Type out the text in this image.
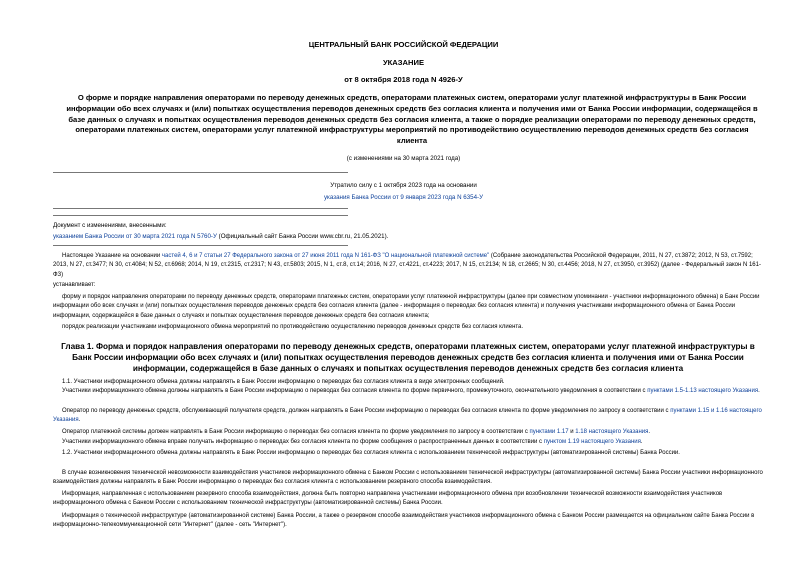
ЦЕНТРАЛЬНЫЙ БАНК РОССИЙСКОЙ ФЕДЕРАЦИИ

УКАЗАНИЕ

от 8 октября 2018 года N 4926-У

О форме и порядке направления операторами по переводу денежных средств, операторами платежных систем, операторами услуг платежной инфраструктуры в Банк России информации обо всех случаях и (или) попытках осуществления переводов денежных средств без согласия клиента и получения ими от Банка России информации, содержащейся в базе данных о случаях и попытках осуществления переводов денежных средств без согласия клиента, а также о порядке реализации операторами по переводу денежных средств, операторами платежных систем, операторами услуг платежной инфраструктуры мероприятий по противодействию осуществлению переводов денежных средств без согласия клиента

(с изменениями на 30 марта 2021 года)

Утратило силу с 1 октября 2023 года на основании

указания Банка России от 9 января 2023 года N 6354-У

Документ с изменениями, внесенными:

указанием Банка России от 30 марта 2021 года N 5760-У (Официальный сайт Банка России www.cbr.ru, 21.05.2021).

Настоящее Указание на основании частей 4, 6 и 7 статьи 27 Федерального закона от 27 июня 2011 года N 161-ФЗ "О национальной платежной системе" (Собрание законодательства Российской Федерации, 2011, N 27, ст.3872; 2012, N 53, ст.7592; 2013, N 27, ст.3477; N 30, ст.4084; N 52, ст.6968; 2014, N 19, ст.2315, ст.2317; N 43, ст.5803; 2015, N 1, ст.8, ст.14; 2016, N 27, ст.4221, ст.4223; 2017, N 15, ст.2134; N 18, ст.2665; N 30, ст.4456; 2018, N 27, ст.3950, ст.3952) (далее - Федеральный закон N 161-ФЗ)

устанавливает:

форму и порядок направления операторами по переводу денежных средств, операторами платежных систем, операторами услуг платежной инфраструктуры (далее при совместном упоминании - участники информационного обмена) в Банк России информации обо всех случаях и (или) попытках осуществления переводов денежных средств без согласия клиента (далее - информация о переводах без согласия клиента) и получения участниками информационного обмена от Банка России информации, содержащейся в базе данных о случаях и попытках осуществления переводов денежных средств без согласия клиента;

порядок реализации участниками информационного обмена мероприятий по противодействию осуществлению переводов денежных средств без согласия клиента.

Глава 1. Форма и порядок направления операторами по переводу денежных средств, операторами платежных систем, операторами услуг платежной инфраструктуры в Банк России информации обо всех случаях и (или) попытках осуществления переводов денежных средств без согласия клиента и получения ими от Банка России информации, содержащейся в базе данных о случаях и попытках осуществления переводов денежных средств без согласия клиента

1.1. Участники информационного обмена должны направлять в Банк России информацию о переводах без согласия клиента в виде электронных сообщений.

Участники информационного обмена должны направлять в Банк России информацию о переводах без согласия клиента по форме первичного, промежуточного, окончательного уведомления в соответствии с пунктами 1.5-1.13 настоящего Указания.

Оператор по переводу денежных средств, обслуживающий получателя средств, должен направлять в Банк России информацию о переводах без согласия клиента по форме уведомления по запросу в соответствии с пунктами 1.15 и 1.16 настоящего Указания.

Оператор платежной системы должен направлять в Банк России информацию о переводах без согласия клиента по форме уведомления по запросу в соответствии с пунктами 1.17 и 1.18 настоящего Указания.

Участники информационного обмена вправе получать информацию о переводах без согласия клиента по форме сообщения о распространенных данных в соответствии с пунктом 1.19 настоящего Указания.

1.2. Участники информационного обмена должны направлять в Банк России информацию о переводах без согласия клиента с использованием технической инфраструктуры (автоматизированной системы) Банка России.

В случае возникновения технической невозможности взаимодействия участников информационного обмена с Банком России с использованием технической инфраструктуры (автоматизированной системы) Банка России участники информационного взаимодействия должны направлять в Банк России информацию о переводах без согласия клиента с использованием резервного способа взаимодействия.

Информация, направленная с использованием резервного способа взаимодействия, должна быть повторно направлена участниками информационного обмена при возобновлении технической возможности взаимодействия участников информационного обмена с Банком России с использованием технической инфраструктуры (автоматизированной системы) Банка России.

Информация о технической инфраструктуре (автоматизированной системе) Банка России, а также о резервном способе взаимодействия участников информационного обмена с Банком России размещается на официальном сайте Банка России в информационно-телекоммуникационной сети "Интернет" (далее - сеть "Интернет").
